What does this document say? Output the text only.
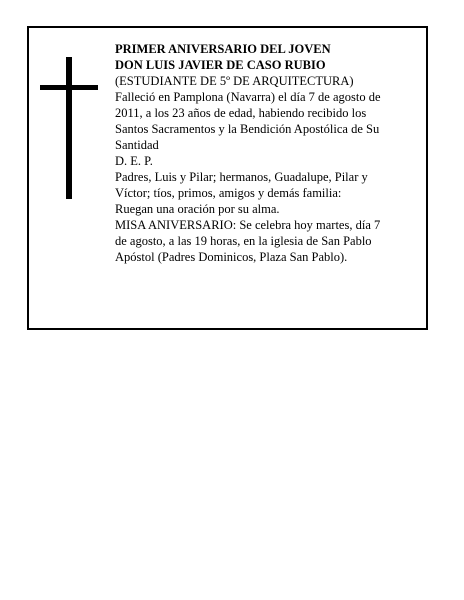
PRIMER ANIVERSARIO DEL JOVEN
DON LUIS JAVIER DE CASO RUBIO
(ESTUDIANTE DE 5º DE ARQUITECTURA)
Falleció en Pamplona (Navarra) el día 7 de agosto de
2011, a los 23 años de edad, habiendo recibido los
Santos Sacramentos y la Bendición Apostólica de Su
Santidad
D. E. P.
Padres, Luis y Pilar; hermanos, Guadalupe, Pilar y
Víctor; tíos, primos, amigos y demás familia:
Ruegan una oración por su alma.
MISA ANIVERSARIO: Se celebra hoy martes, día 7
de agosto, a las 19 horas, en la iglesia de San Pablo
Apóstol (Padres Dominicos, Plaza San Pablo).
